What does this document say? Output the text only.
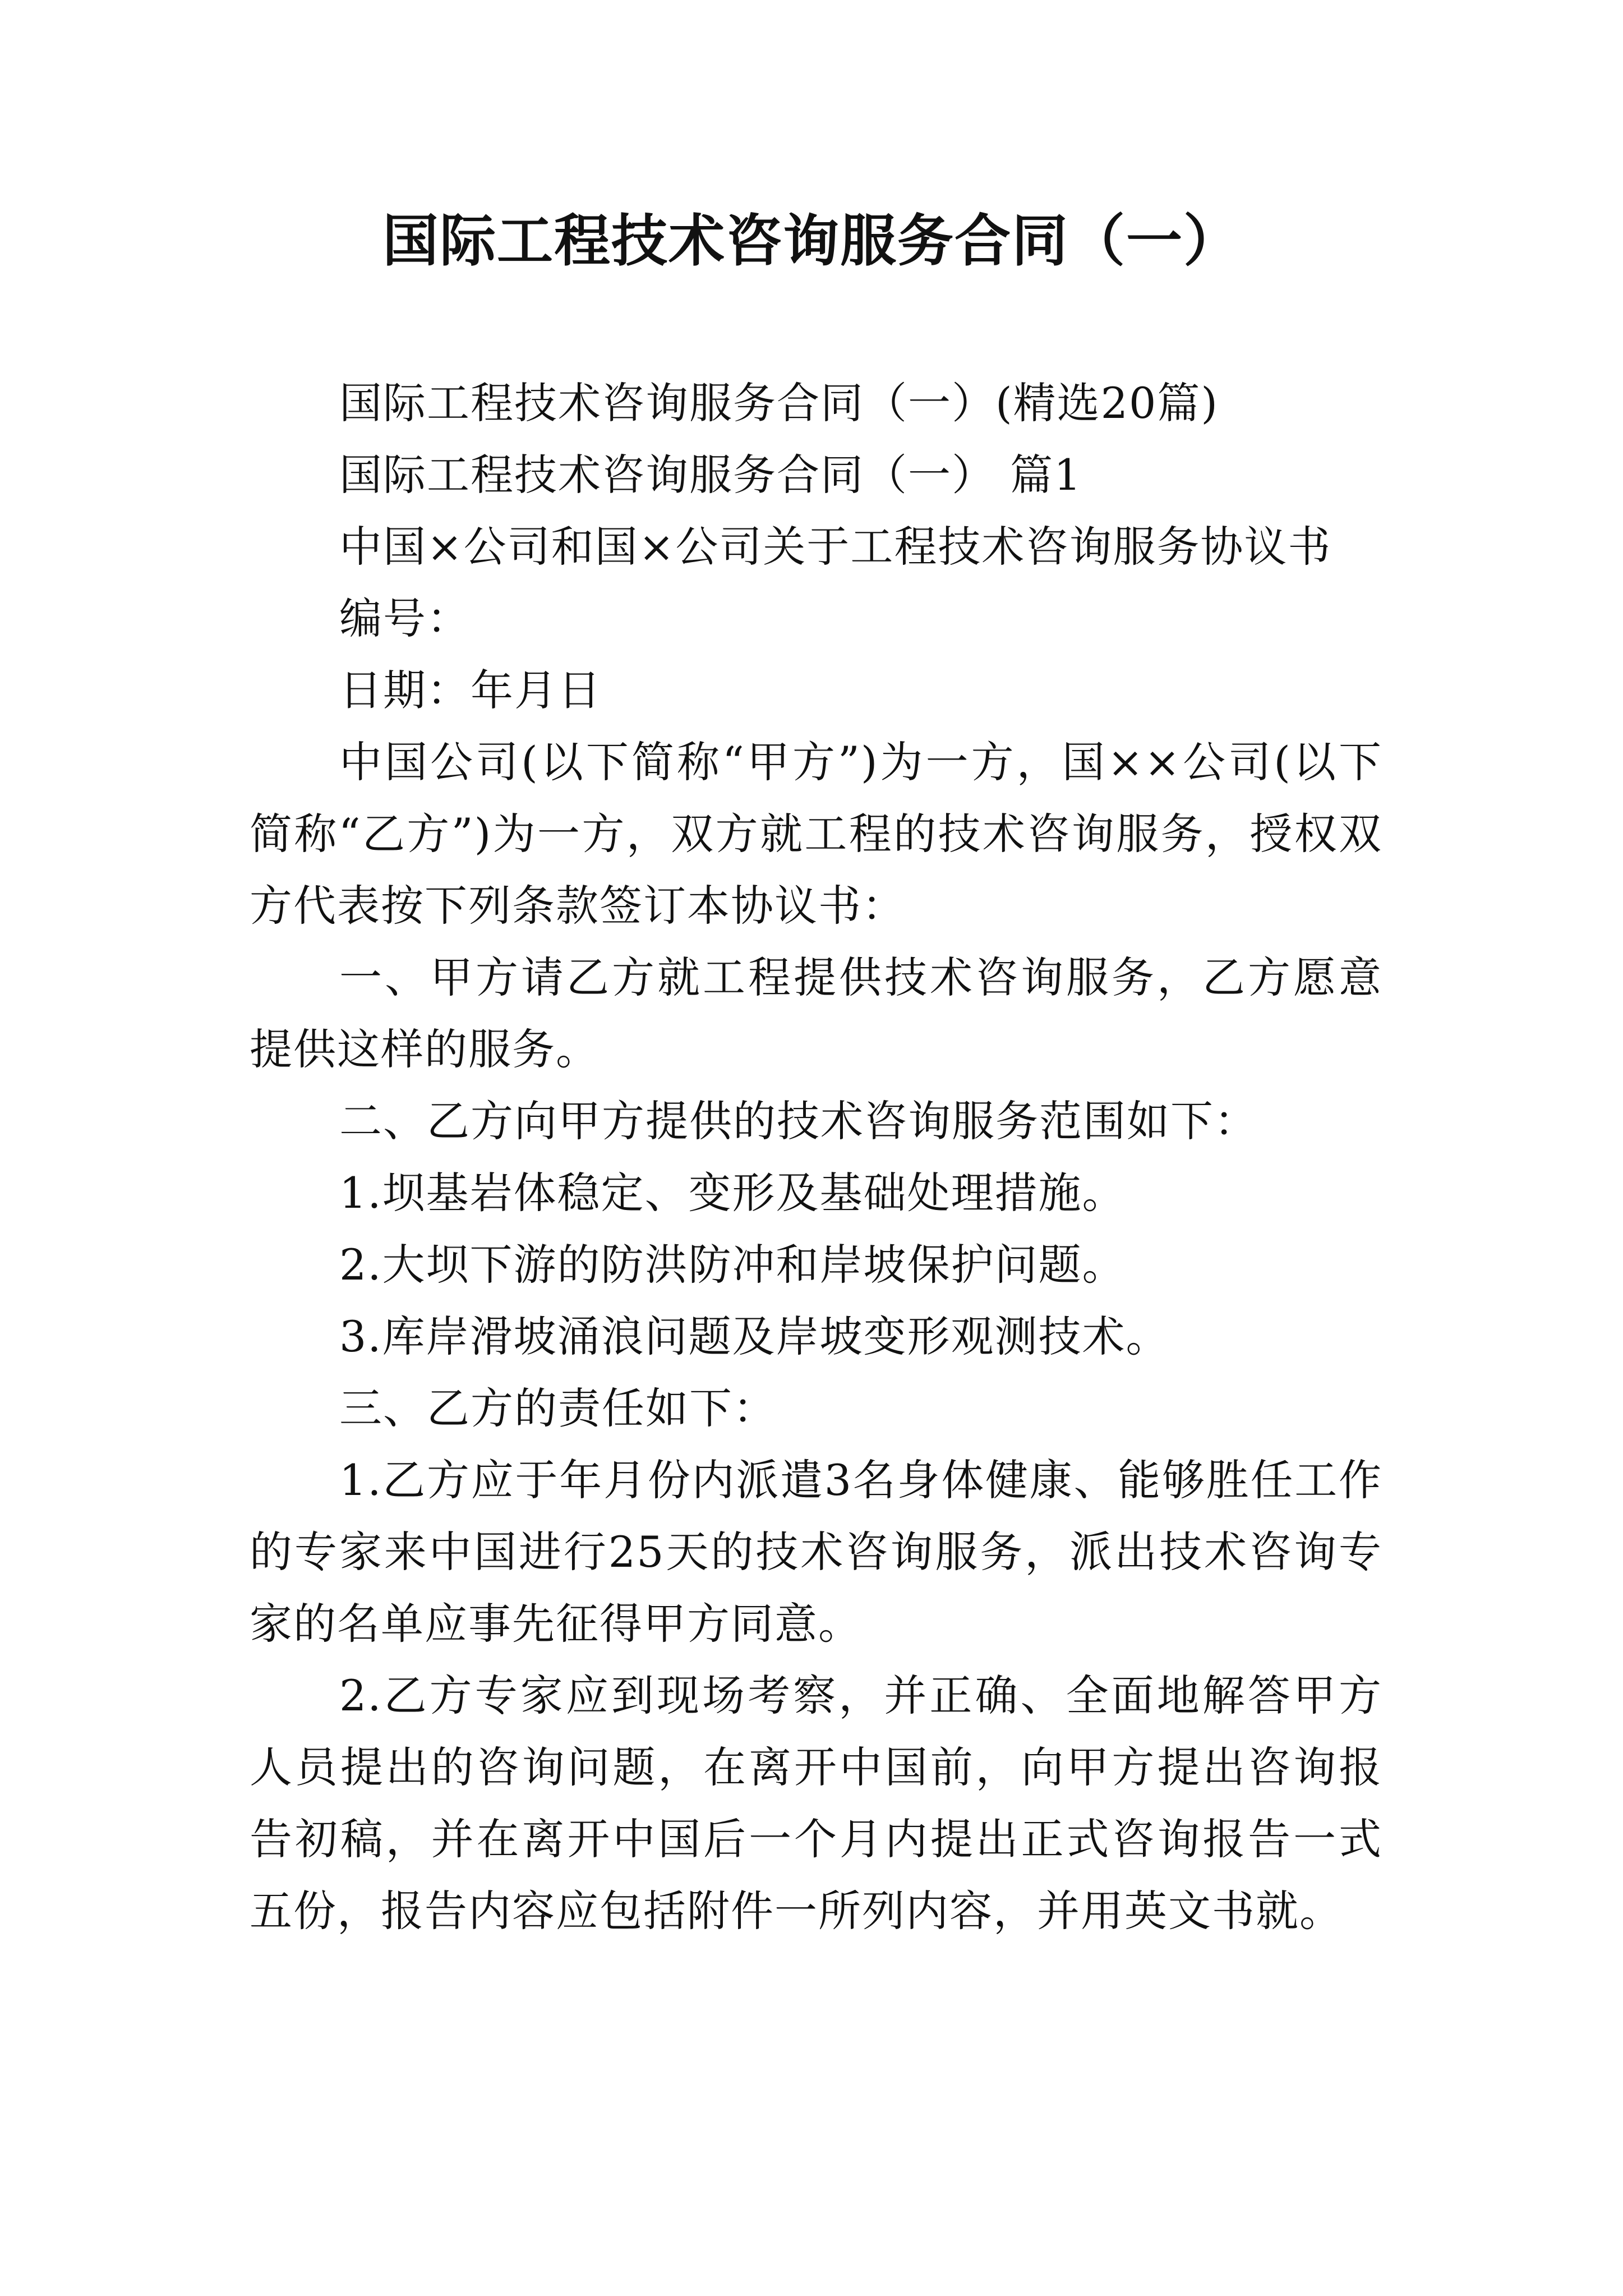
国际工程技术咨询服务合同（一）

国际工程技术咨询服务合同（一）(精选20篇)

国际工程技术咨询服务合同（一） 篇1

中国×公司和国×公司关于工程技术咨询服务协议书

编号：

日期：年月日

中国公司(以下简称“甲方”)为一方，国××公司(以下简称“乙方”)为一方，双方就工程的技术咨询服务，授权双方代表按下列条款签订本协议书：

一、甲方请乙方就工程提供技术咨询服务，乙方愿意提供这样的服务。

二、乙方向甲方提供的技术咨询服务范围如下：

1.坝基岩体稳定、变形及基础处理措施。

2.大坝下游的防洪防冲和岸坡保护问题。

3.库岸滑坡涌浪问题及岸坡变形观测技术。

三、乙方的责任如下：

1.乙方应于年月份内派遣3名身体健康、能够胜任工作的专家来中国进行25天的技术咨询服务，派出技术咨询专家的名单应事先征得甲方同意。

2.乙方专家应到现场考察，并正确、全面地解答甲方人员提出的咨询问题，在离开中国前，向甲方提出咨询报告初稿，并在离开中国后一个月内提出正式咨询报告一式五份，报告内容应包括附件一所列内容，并用英文书就。
